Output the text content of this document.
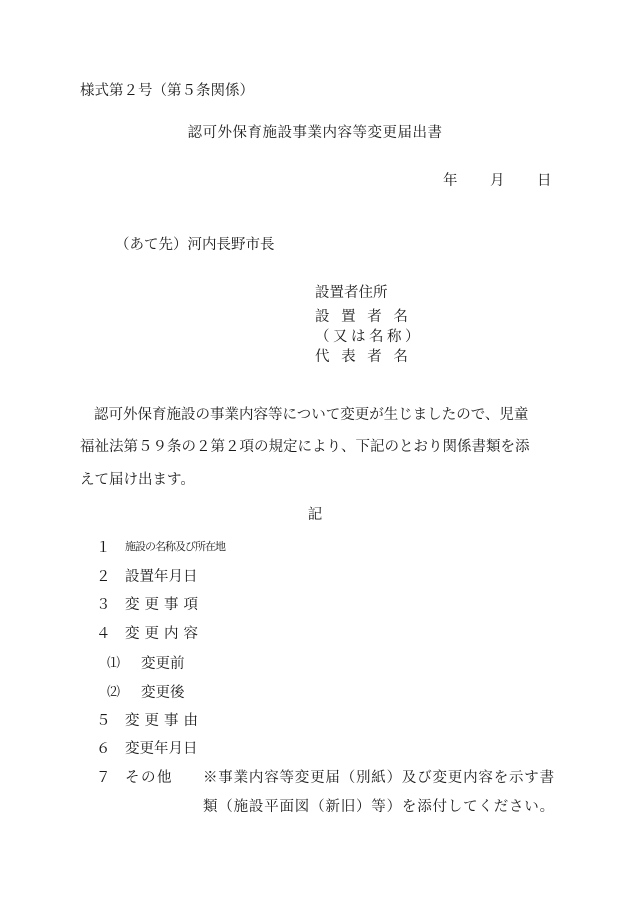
様式第２号（第５条関係）
認可外保育施設事業内容等変更届出書
年 月 日
（あて先）河内長野市長
設置者住所
設 置 者 名
（又は名称）
代 表 者 名
認可外保育施設の事業内容等について変更が生じましたので、児童
福祉法第５９条の２第２項の規定により、下記のとおり関係書類を添
えて届け出ます。
記
１ 施設の名称及び所在地
２ 設置年月日
３ 変更事項
４ 変更内容
⑴ 変更前
⑵ 変更後
５ 変更事由
６ 変更年月日
７ その他 ※事業内容等変更届（別紙）及び変更内容を示す書
類（施設平面図（新旧）等）を添付してください。
